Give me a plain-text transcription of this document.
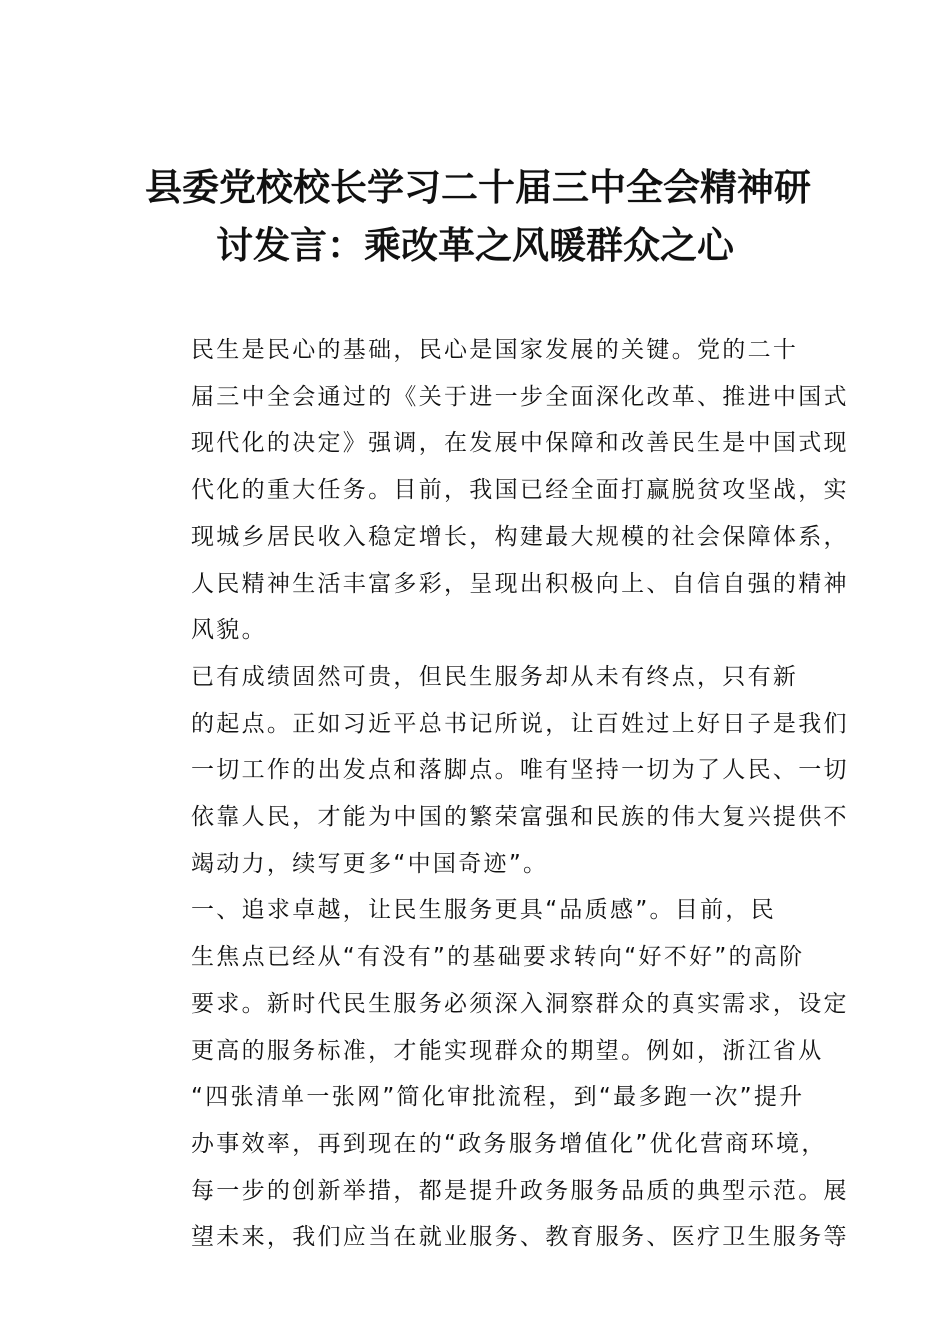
县委党校校长学习二十届三中全会精神研
讨发言：乘改革之风暖群众之心

民生是民心的基础，民心是国家发展的关键。党的二十
届三中全会通过的《关于进一步全面深化改革、推进中国式
现代化的决定》强调，在发展中保障和改善民生是中国式现
代化的重大任务。目前，我国已经全面打赢脱贫攻坚战，实
现城乡居民收入稳定增长，构建最大规模的社会保障体系，
人民精神生活丰富多彩，呈现出积极向上、自信自强的精神
风貌。

已有成绩固然可贵，但民生服务却从未有终点，只有新
的起点。正如习近平总书记所说，让百姓过上好日子是我们
一切工作的出发点和落脚点。唯有坚持一切为了人民、一切
依靠人民，才能为中国的繁荣富强和民族的伟大复兴提供不
竭动力，续写更多“中国奇迹”。

一、追求卓越，让民生服务更具“品质感”。目前，民
生焦点已经从“有没有”的基础要求转向“好不好”的高阶
要求。新时代民生服务必须深入洞察群众的真实需求，设定
更高的服务标准，才能实现群众的期望。例如，浙江省从
“四张清单一张网”简化审批流程，到“最多跑一次”提升
办事效率，再到现在的“政务服务增值化”优化营商环境，
每一步的创新举措，都是提升政务服务品质的典型示范。展
望未来，我们应当在就业服务、教育服务、医疗卫生服务等
